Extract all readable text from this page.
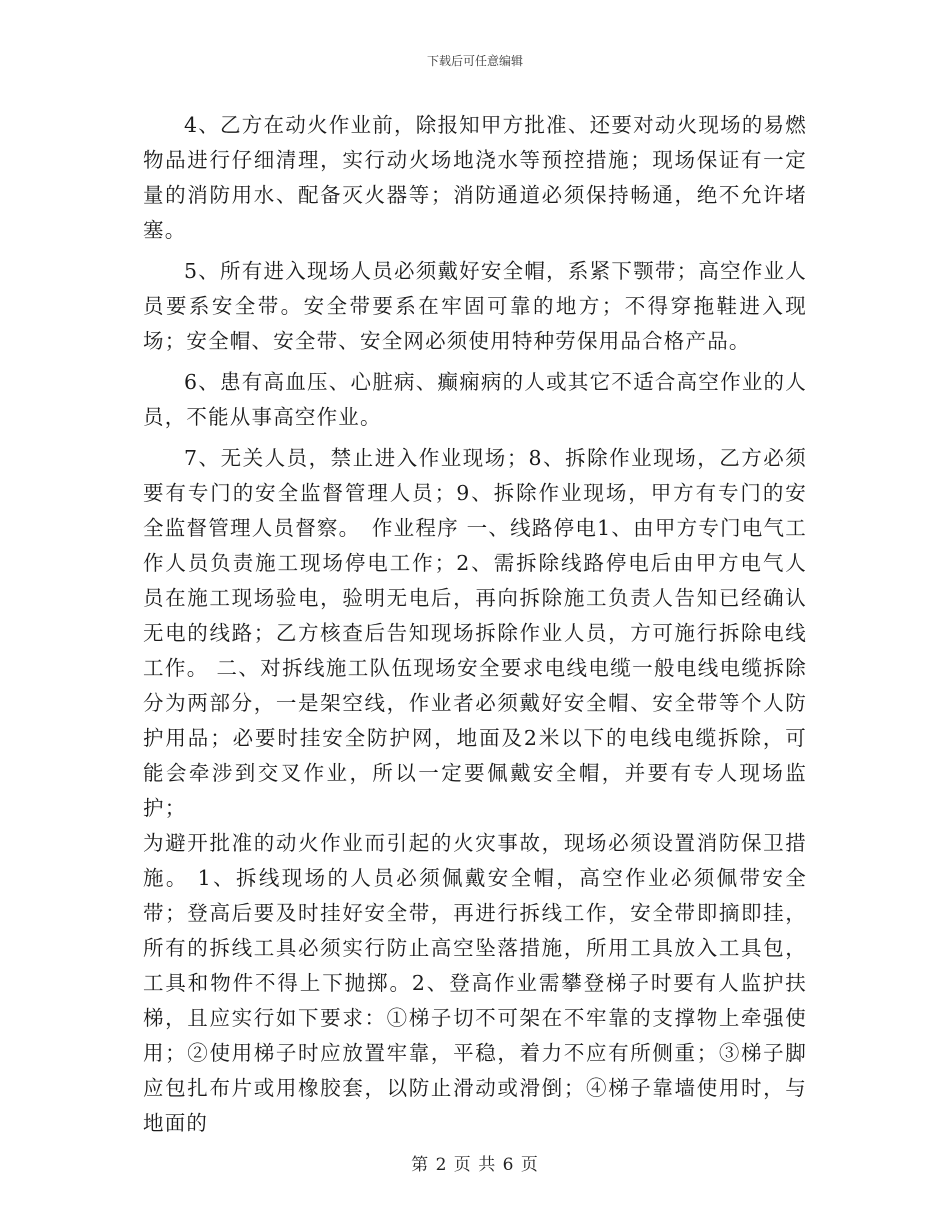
下载后可任意编辑

4、乙方在动火作业前，除报知甲方批准、还要对动火现场的易燃物品进行仔细清理，实行动火场地浇水等预控措施；现场保证有一定量的消防用水、配备灭火器等；消防通道必须保持畅通，绝不允许堵塞。

5、所有进入现场人员必须戴好安全帽，系紧下颚带；高空作业人员要系安全带。安全带要系在牢固可靠的地方；不得穿拖鞋进入现场；安全帽、安全带、安全网必须使用特种劳保用品合格产品。

6、患有高血压、心脏病、癫痫病的人或其它不适合高空作业的人员，不能从事高空作业。

7、无关人员，禁止进入作业现场；8、拆除作业现场，乙方必须要有专门的安全监督管理人员；9、拆除作业现场，甲方有专门的安全监督管理人员督察。　作业程序 一、线路停电1、由甲方专门电气工作人员负责施工现场停电工作；2、需拆除线路停电后由甲方电气人员在施工现场验电，验明无电后，再向拆除施工负责人告知已经确认无电的线路；乙方核查后告知现场拆除作业人员，方可施行拆除电线工作。 二、对拆线施工队伍现场安全要求电线电缆一般电线电缆拆除分为两部分，一是架空线，作业者必须戴好安全帽、安全带等个人防护用品；必要时挂安全防护网，地面及2米以下的电线电缆拆除，可能会牵涉到交叉作业，所以一定要佩戴安全帽，并要有专人现场监护；

为避开批准的动火作业而引起的火灾事故，现场必须设置消防保卫措施。 1、拆线现场的人员必须佩戴安全帽，高空作业必须佩带安全带；登高后要及时挂好安全带，再进行拆线工作，安全带即摘即挂，所有的拆线工具必须实行防止高空坠落措施，所用工具放入工具包，工具和物件不得上下抛掷。2、登高作业需攀登梯子时要有人监护扶梯，且应实行如下要求：①梯子切不可架在不牢靠的支撑物上牵强使用；②使用梯子时应放置牢靠，平稳，着力不应有所侧重；③梯子脚应包扎布片或用橡胶套，以防止滑动或滑倒；④梯子靠墙使用时，与地面的

第 2 页 共 6 页
